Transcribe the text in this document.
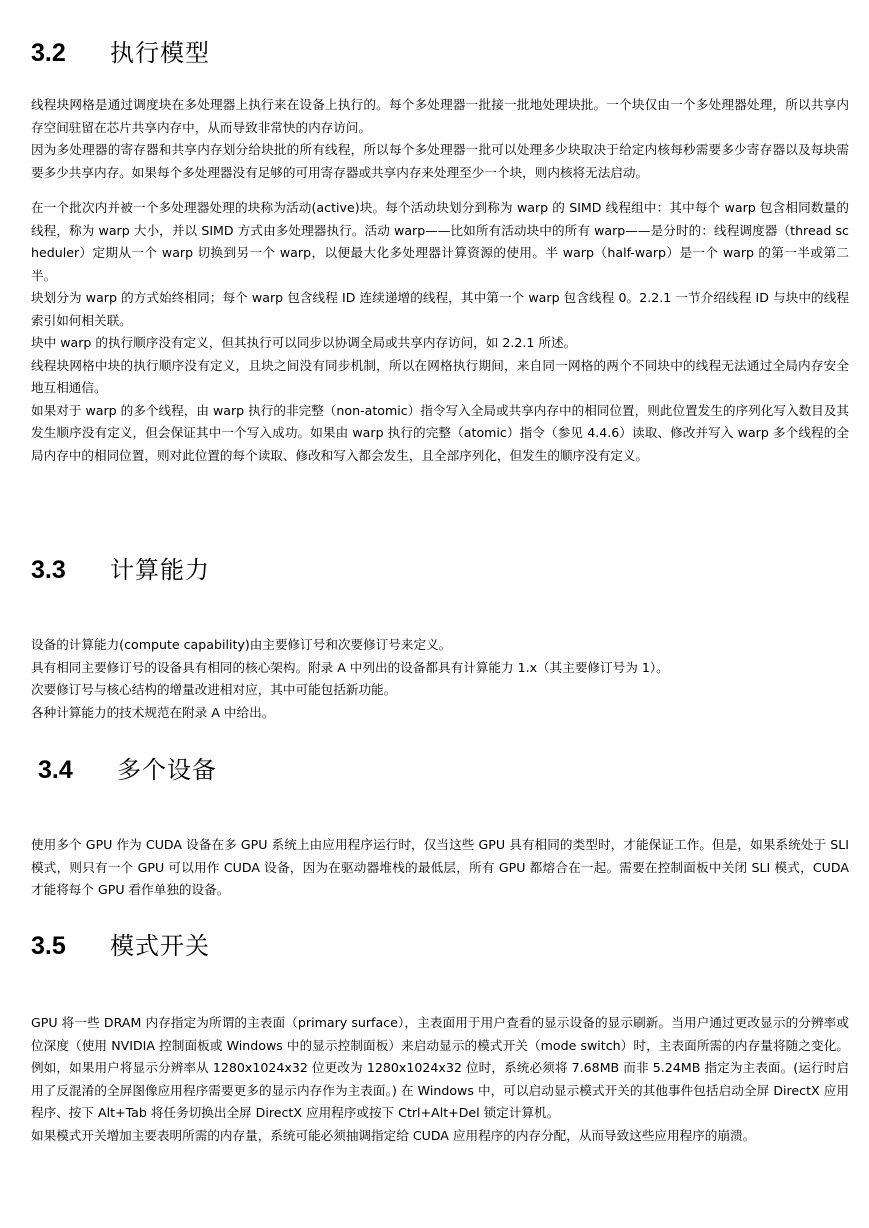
3.2 执行模型

线程块网格是通过调度块在多处理器上执行来在设备上执行的。每个多处理器一批接一批地处理块批。一个块仅由一个多处理器处理，所以共享内存空间驻留在芯片共享内存中，从而导致非常快的内存访问。

因为多处理器的寄存器和共享内存划分给块批的所有线程，所以每个多处理器一批可以处理多少块取决于给定内核每秒需要多少寄存器以及每块需要多少共享内存。如果每个多处理器没有足够的可用寄存器或共享内存来处理至少一个块，则内核将无法启动。

在一个批次内并被一个多处理器处理的块称为活动(active)块。每个活动块划分到称为 warp 的 SIMD 线程组中：其中每个 warp 包含相同数量的线程，称为 warp 大小，并以 SIMD 方式由多处理器执行。活动 warp——比如所有活动块中的所有 warp——是分时的：线程调度器（thread scheduler）定期从一个 warp 切换到另一个 warp，以便最大化多处理器计算资源的使用。半 warp（half-warp）是一个 warp 的第一半或第二半。

块划分为 warp 的方式始终相同；每个 warp 包含线程 ID 连续递增的线程，其中第一个 warp 包含线程 0。2.2.1 一节介绍线程 ID 与块中的线程索引如何相关联。

块中 warp 的执行顺序没有定义，但其执行可以同步以协调全局或共享内存访问，如 2.2.1 所述。

线程块网格中块的执行顺序没有定义，且块之间没有同步机制，所以在网格执行期间，来自同一网格的两个不同块中的线程无法通过全局内存安全地互相通信。

如果对于 warp 的多个线程，由 warp 执行的非完整（non-atomic）指令写入全局或共享内存中的相同位置，则此位置发生的序列化写入数目及其发生顺序没有定义，但会保证其中一个写入成功。如果由 warp 执行的完整（atomic）指令（参见 4.4.6）读取、修改并写入 warp 多个线程的全局内存中的相同位置，则对此位置的每个读取、修改和写入都会发生，且全部序列化，但发生的顺序没有定义。

3.3 计算能力

设备的计算能力(compute capability)由主要修订号和次要修订号来定义。

具有相同主要修订号的设备具有相同的核心架构。附录 A 中列出的设备都具有计算能力 1.x（其主要修订号为 1）。

次要修订号与核心结构的增量改进相对应，其中可能包括新功能。

各种计算能力的技术规范在附录 A 中给出。

3.4 多个设备

使用多个 GPU 作为 CUDA 设备在多 GPU 系统上由应用程序运行时，仅当这些 GPU 具有相同的类型时，才能保证工作。但是，如果系统处于 SLI 模式，则只有一个 GPU 可以用作 CUDA 设备，因为在驱动器堆栈的最低层，所有 GPU 都熔合在一起。需要在控制面板中关闭 SLI 模式，CUDA 才能将每个 GPU 看作单独的设备。

3.5 模式开关

GPU 将一些 DRAM 内存指定为所谓的主表面（primary surface），主表面用于用户查看的显示设备的显示刷新。当用户通过更改显示的分辨率或位深度（使用 NVIDIA 控制面板或 Windows 中的显示控制面板）来启动显示的模式开关（mode switch）时，主表面所需的内存量将随之变化。例如，如果用户将显示分辨率从 1280x1024x32 位更改为 1280x1024x32 位时，系统必须将 7.68MB 而非 5.24MB 指定为主表面。(运行时启用了反混淆的全屏图像应用程序需要更多的显示内存作为主表面。) 在 Windows 中，可以启动显示模式开关的其他事件包括启动全屏 DirectX 应用程序、按下 Alt+Tab 将任务切换出全屏 DirectX 应用程序或按下 Ctrl+Alt+Del 锁定计算机。

如果模式开关增加主要表明所需的内存量，系统可能必须抽调指定给 CUDA 应用程序的内存分配，从而导致这些应用程序的崩溃。
